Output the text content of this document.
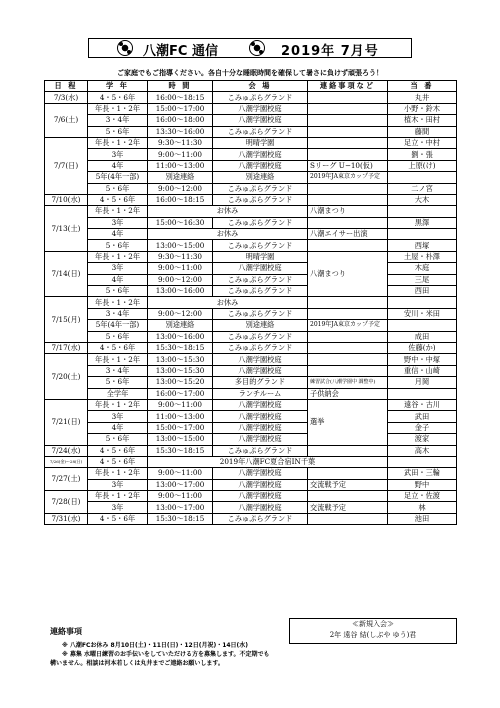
八潮FC 通信	2019年 7月号
ご家庭でもご指導ください。各自十分な睡眠時間を確保して暑さに負けず頑張ろう！
日 程	学 年	時 間	会 場	連絡事項など	当 番
7/3(水)	4・5・6年	16:00〜18:15	こみゅぷらグランド		丸井
7/6(土)	年長・1・2年	15:00〜17:00	八潮学園校庭		小野・鈴木
	3・4年	16:00〜18:00	八潮学園校庭		植木・田村
	5・6年	13:30〜16:00	こみゅぷらグランド		藤間
7/7(日)	年長・1・2年	9:30〜11:30	明晴学園		足立・中村
	3年	9:00〜11:00	八潮学園校庭		劉・張
	4年	11:00〜13:00	八潮学園校庭	Sリーグ U−10(仮)	上原(け)
	5年(4年一部)	別途連絡	別途連絡	2019年JA東京カップ予定	
	5・6年	9:00〜12:00	こみゅぷらグランド		二ノ宮
7/10(水)	4・5・6年	16:00〜18:15	こみゅぷらグランド		大木
7/13(土)	年長・1・2年	お休み		八潮まつり	
	3年	15:00〜16:30	こみゅぷらグランド		黒澤
	4年	お休み		八潮エイサー出演	
	5・6年	13:00〜15:00	こみゅぷらグランド		西塚
7/14(日)	年長・1・2年	9:30〜11:30	明晴学園	八潮まつり	土屋・朴澤
	3年	9:00〜11:00	八潮学園校庭		木庭
	4年	9:00〜12:00	こみゅぷらグランド		三尾
	5・6年	13:00〜16:00	こみゅぷらグランド		西田
7/15(月)	年長・1・2年	お休み			
	3・4年	9:00〜12:00	こみゅぷらグランド		安川・米田
	5年(4年一部)	別途連絡	別途連絡	2019年JA東京カップ予定	
	5・6年	13:00〜16:00	こみゅぷらグランド		成田
7/17(水)	4・5・6年	15:30〜18:15	こみゅぷらグランド		佐藤(か)
7/20(土)	年長・1・2年	13:00〜15:30	八潮学園校庭		野中・中塚
	3・4年	13:00〜15:30	八潮学園校庭		重信・山崎
	5・6年	13:00〜15:20	多目的グランド	練習試合(八潮学園中 調整中)	月岡
	全学年	16:00〜17:00	ランチルーム	子供納会	
7/21(日)	年長・1・2年	9:00〜11:00	八潮学園校庭	選挙	遠谷・古川
	3年	11:00〜13:00	八潮学園校庭		武田
	4年	15:00〜17:00	八潮学園校庭		金子
	5・6年	13:00〜15:00	八潮学園校庭		渡家
7/24(水)	4・5・6年	15:30〜18:15	こみゅぷらグランド		高木
7/26(金)〜28(日)	4・5・6年	2019年八潮FC夏合宿IN千葉			
7/27(土)	年長・1・2年	9:00〜11:00	八潮学園校庭		武田・三輪
	3年	13:00〜17:00	八潮学園校庭	交流戦予定	野中
7/28(日)	年長・1・2年	9:00〜11:00	八潮学園校庭		足立・佐渡
	3年	13:00〜17:00	八潮学園校庭	交流戦予定	林
7/31(水)	4・5・6年	15:30〜18:15	こみゅぷらグランド		池田
連絡事項
※ 八潮FCお休み 8月10日(土)・11日(日)・12日(月祝)・14日(水)
※ 募集 水曜日練習のお手伝いをしていただける方を募集します。不定期でも
構いません。相談は河本若しくは丸井までご連絡お願いします。
≪新規入会≫
2年 遠谷 結(しぶや ゆう)君
